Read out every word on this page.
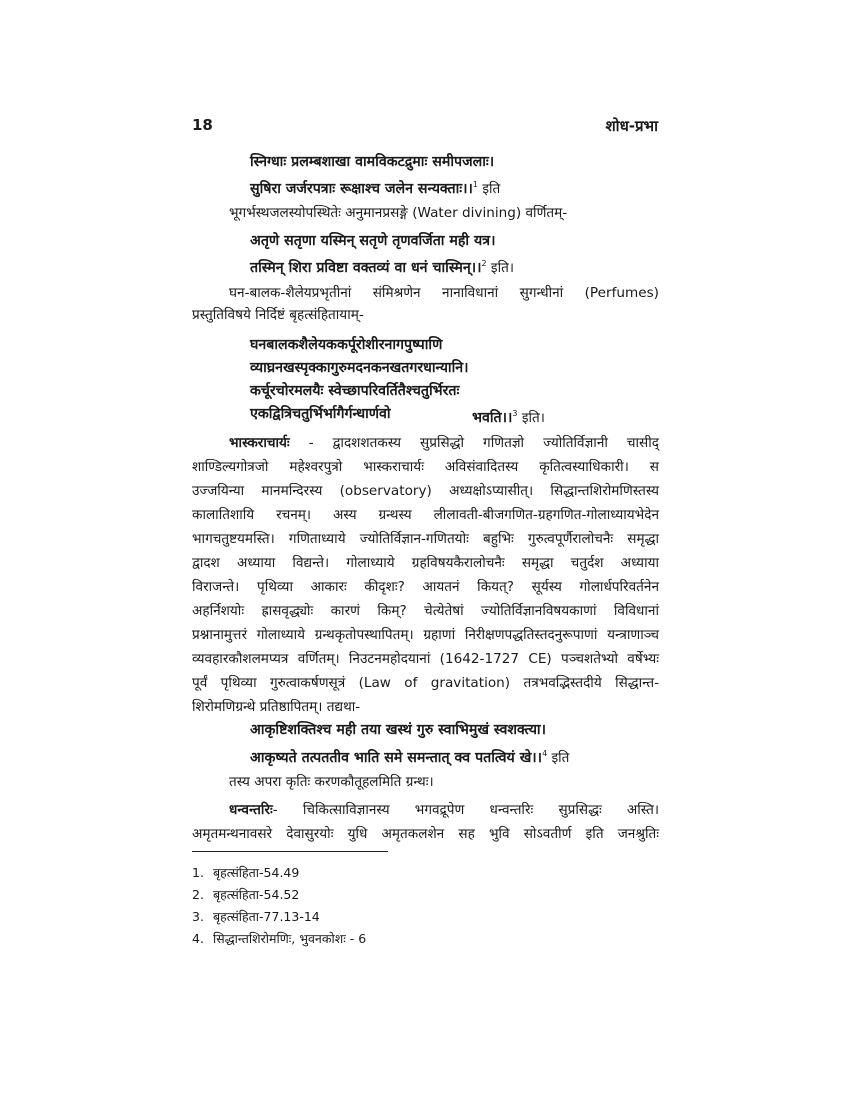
18	शोध-प्रभा
स्निग्धाः प्रलम्बशाखा वामविकटद्रुमाः समीपजलाः।
सुषिरा जर्जरपत्राः रूक्षाश्च जलेन सन्यक्ताः।।$^1$ इति
भूगर्भस्थजलस्योपस्थितेः अनुमानप्रसङ्गे (Water divining) वर्णितम्-
अतृणे सतृणा यस्मिन् सतृणे तृणवर्जिता मही यत्र।
तस्मिन् शिरा प्रविष्टा वक्तव्यं वा धनं चास्मिन्।।$^2$ इति।
घन-बालक-शैलेयप्रभृतीनां संमिश्रणेन नानाविधानां सुगन्धीनां (Perfumes)
प्रस्तुतिविषये निर्दिष्टं बृहत्संहितायाम्-
घनबालकशैलेयककर्पूरोशीरनागपुष्पाणि
व्याघ्रनखस्पृक्कागुरुमदनकनखतगरधान्यानि।
कर्चूरचोरमलयैः स्वेच्छापरिवर्तितैश्चतुर्भिरतः
एकद्वित्रिचतुर्भिर्भागैर्गन्धार्णवो	भवति।।$^3$ इति।
भास्कराचार्यः - द्वादशशतकस्य सुप्रसिद्धो गणितज्ञो ज्योतिर्विज्ञानी चासीद्
शाण्डिल्यगोत्रजो महेश्वरपुत्रो भास्कराचार्यः अविसंवादितस्य कृतित्वस्याधिकारी। स
उज्जयिन्या मानमन्दिरस्य (observatory) अध्यक्षोऽप्यासीत्। सिद्धान्तशिरोमणिस्तस्य
कालातिशायि रचनम्। अस्य ग्रन्थस्य लीलावती-बीजगणित-ग्रहगणित-गोलाध्यायभेदेन
भागचतुष्टयमस्ति। गणिताध्याये ज्योतिर्विज्ञान-गणितयोः बहुभिः गुरुत्वपूर्णैरालोचनैः समृद्धा
द्वादश अध्याया विद्यन्ते। गोलाध्याये ग्रहविषयकैरालोचनैः समृद्धा चतुर्दश अध्याया
विराजन्ते। पृथिव्या आकारः कीदृशः? आयतनं कियत्? सूर्यस्य गोलार्धपरिवर्तनेन
अहर्निशयोः ह्रासवृद्ध्योः कारणं किम्? चेत्येतेषां ज्योतिर्विज्ञानविषयकाणां विविधानां
प्रश्नानामुत्तरं गोलाध्याये ग्रन्थकृतोपस्थापितम्। ग्रहाणां निरीक्षणपद्धतिस्तदनुरूपाणां यन्त्राणाञ्च
व्यवहारकौशलमप्यत्र वर्णितम्। निउटनमहोदयानां (1642-1727 CE) पञ्चशतेभ्यो वर्षेभ्यः
पूर्वं पृथिव्या गुरुत्वाकर्षणसूत्रं (Law of gravitation) तत्रभवद्भिस्तदीये सिद्धान्त-
शिरोमणिग्रन्थे प्रतिष्ठापितम्। तद्यथा-
आकृष्टिशक्तिश्च मही तया खस्थं गुरु स्वाभिमुखं स्वशक्त्या।
आकृष्यते तत्पततीव भाति समे समन्तात् क्व पतत्वियं खे।।$^4$ इति
तस्य अपरा कृतिः करणकौतूहलमिति ग्रन्थः।
धन्वन्तरिः- चिकित्साविज्ञानस्य भगवद्रूपेण धन्वन्तरिः सुप्रसिद्धः अस्ति।
अमृतमन्थनावसरे देवासुरयोः युधि अमृतकलशेन सह भुवि सोऽवतीर्ण इति जनश्रुतिः
1. बृहत्संहिता-54.49
2. बृहत्संहिता-54.52
3. बृहत्संहिता-77.13-14
4. सिद्धान्तशिरोमणिः, भुवनकोशः - 6
